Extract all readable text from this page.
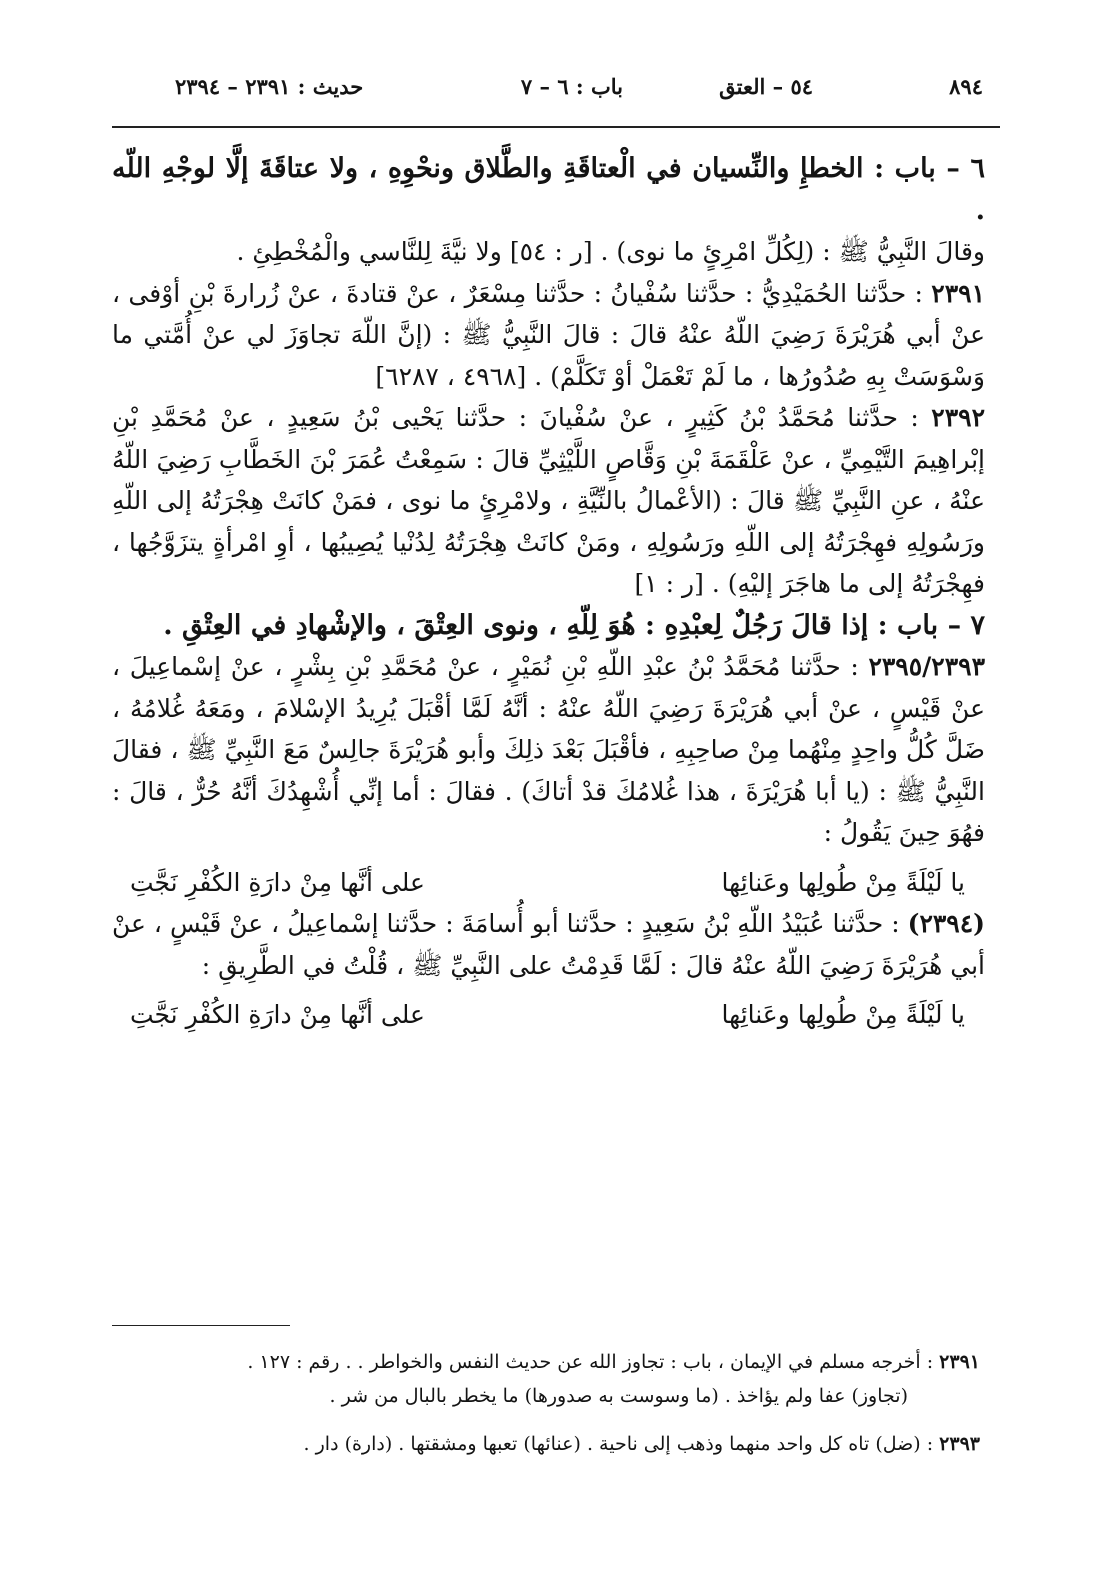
٨٩٤
٥٤ – العتق
باب : ٦ – ٧
حديث : ٢٣٩١ – ٢٣٩٤

٦ – باب : الخطإِ والنِّسيان في الْعتاقَةِ والطَّلاق ونحْوِهِ ، ولا عتاقَةَ إلَّا لوجْهِ اللّه .

وقالَ النَّبِيُّ ﷺ : (لِكُلِّ امْرِئٍ ما نوى) . [ر : ٥٤] ولا نيَّةَ لِلنَّاسي والْمُخْطِئِ .

٢٣٩١ : حدَّثنا الحُمَيْدِيُّ : حدَّثنا سُفْيانُ : حدَّثنا مِسْعَرٌ ، عنْ قتادةَ ، عنْ زُرارةَ بْنِ أوْفى ، عنْ أبي هُرَيْرَةَ رَضِيَ اللّهُ عنْهُ قالَ : قالَ النَّبِيُّ ﷺ : (إنَّ اللّهَ تجاوَزَ لي عنْ أُمَّتي ما وَسْوَسَتْ بِهِ صُدُورُها ، ما لَمْ تَعْمَلْ أوْ تَكَلَّمْ) . [٤٩٦٨ ، ٦٢٨٧]

٢٣٩٢ : حدَّثنا مُحَمَّدُ بْنُ كَثِيرٍ ، عنْ سُفْيانَ : حدَّثنا يَحْيى بْنُ سَعِيدٍ ، عنْ مُحَمَّدِ بْنِ إبْراهِيمَ التَّيْمِيِّ ، عنْ عَلْقَمَةَ بْنِ وَقَّاصٍ اللَّيْثِيِّ قالَ : سَمِعْتُ عُمَرَ بْنَ الخَطَّابِ رَضِيَ اللّهُ عنْهُ ، عنِ النَّبِيِّ ﷺ قالَ : (الأعْمالُ بالنِّيَّةِ ، ولامْرِئٍ ما نوى ، فمَنْ كانَتْ هِجْرَتُهُ إلى اللّهِ ورَسُولِهِ فهِجْرَتُهُ إلى اللّهِ ورَسُولِهِ ، ومَنْ كانَتْ هِجْرَتُهُ لِدُنْيا يُصِيبُها ، أوِ امْرأةٍ يتزَوَّجُها ، فهِجْرَتُهُ إلى ما هاجَرَ إليْهِ) . [ر : ١]

٧ – باب : إذا قالَ رَجُلٌ لِعبْدِهِ : هُوَ لِلّهِ ، ونوى العِتْقَ ، والإشْهادِ في العِتْقِ .

٢٣٩٥/٢٣٩٣ : حدَّثنا مُحَمَّدُ بْنُ عبْدِ اللّهِ بْنِ نُمَيْرٍ ، عنْ مُحَمَّدِ بْنِ بِشْرٍ ، عنْ إسْماعِيلَ ، عنْ قَيْسٍ ، عنْ أبي هُرَيْرَةَ رَضِيَ اللّهُ عنْهُ : أنَّهُ لَمَّا أقْبَلَ يُرِيدُ الإسْلامَ ، ومَعَهُ غُلامُهُ ، ضَلَّ كُلُّ واحِدٍ مِنْهُما مِنْ صاحِبِهِ ، فأقْبَلَ بَعْدَ ذلِكَ وأبو هُرَيْرَةَ جالِسٌ مَعَ النَّبِيِّ ﷺ ، فقالَ النَّبِيُّ ﷺ : (يا أبا هُرَيْرَةَ ، هذا غُلامُكَ قدْ أتاكَ) . فقالَ : أما إنِّي أُشْهِدُكَ أنَّهُ حُرٌّ ، قالَ : فهُوَ حِينَ يَقُولُ :

يا لَيْلَةً مِنْ طُولِها وعَنائِها
على أنَّها مِنْ دارَةِ الكُفْرِ نَجَّتِ

(٢٣٩٤) : حدَّثنا عُبَيْدُ اللّهِ بْنُ سَعِيدٍ : حدَّثنا أبو أُسامَةَ : حدَّثنا إسْماعِيلُ ، عنْ قَيْسٍ ، عنْ أبي هُرَيْرَةَ رَضِيَ اللّهُ عنْهُ قالَ : لَمَّا قَدِمْتُ على النَّبِيِّ ﷺ ، قُلْتُ في الطَّرِيقِ :

يا لَيْلَةً مِنْ طُولِها وعَنائِها
على أنَّها مِنْ دارَةِ الكُفْرِ نَجَّتِ

٢٣٩١ : أخرجه مسلم في الإيمان ، باب : تجاوز الله عن حديث النفس والخواطر . . رقم : ١٢٧ .

(تجاوز) عفا ولم يؤاخذ . (ما وسوست به صدورها) ما يخطر بالبال من شر .

٢٣٩٣ : (ضل) تاه كل واحد منهما وذهب إلى ناحية . (عنائها) تعبها ومشقتها . (دارة) دار .
